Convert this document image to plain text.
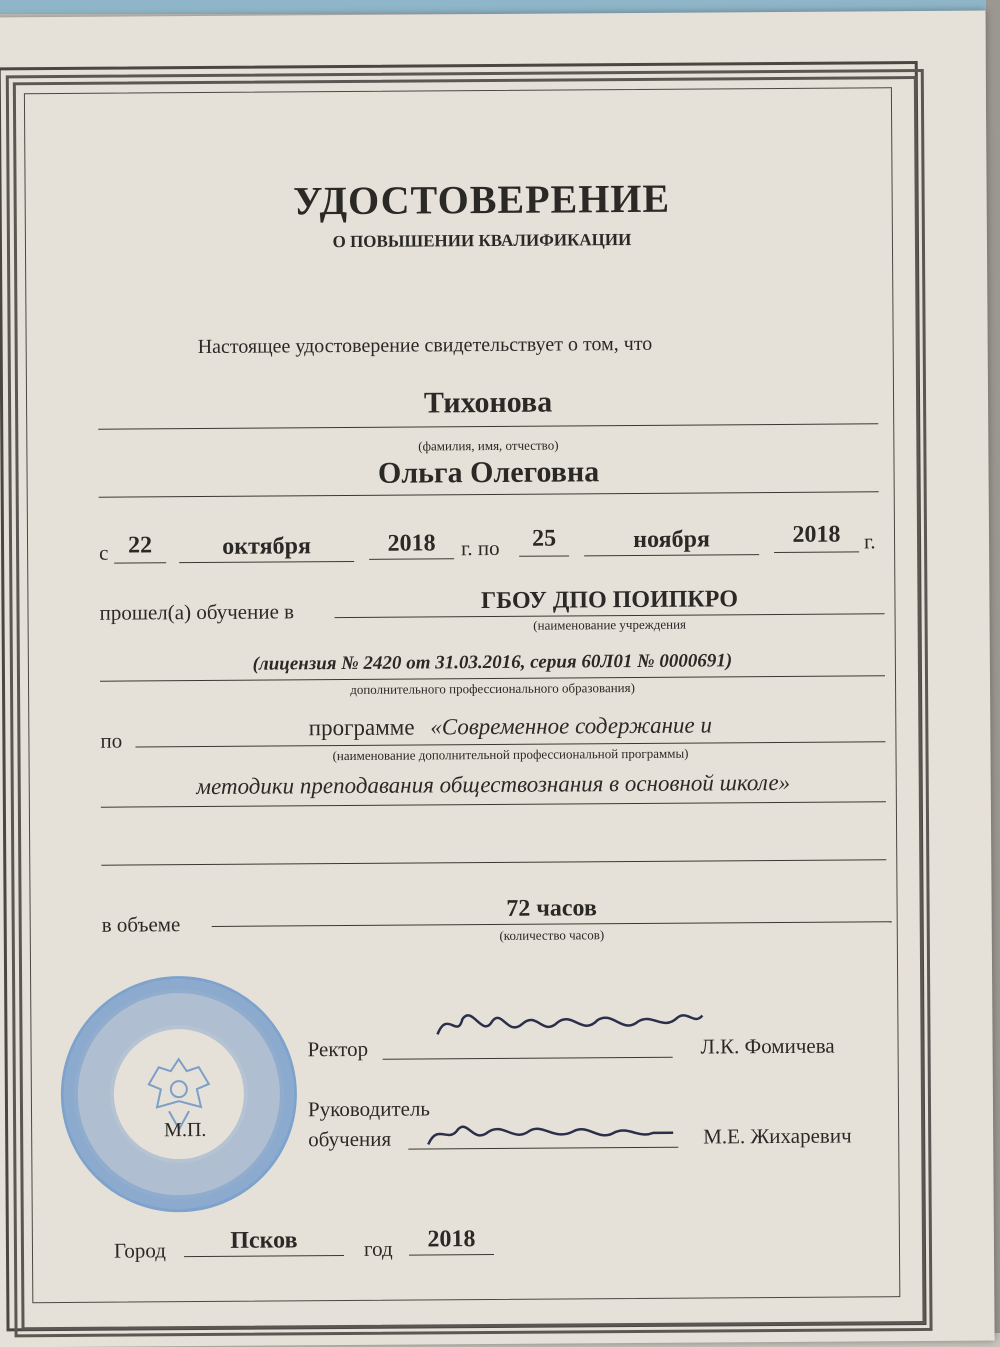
УДОСТОВЕРЕНИЕ
О ПОВЫШЕНИИ КВАЛИФИКАЦИИ
Настоящее удостоверение свидетельствует о том, что
Тихонова
(фамилия, имя, отчество)
Ольга Олеговна
с 22	октября	2018	г. по	25	ноября	2018	г.
прошел(а) обучение в	ГБОУ ДПО ПОИПКРО
(наименование учреждения
(лицензия № 2420 от 31.03.2016, серия 60Л01 № 0000691)
дополнительного профессионального образования)
по
программе «Современное содержание и
(наименование дополнительной профессиональной программы)
методики преподавания обществознания в основной школе»
в объеме
72 часов
(количество часов)
М.П.
Ректор	Л.К. Фомичева
Руководитель
обучения	М.Е. Жихаревич
Город	Псков	год	2018
